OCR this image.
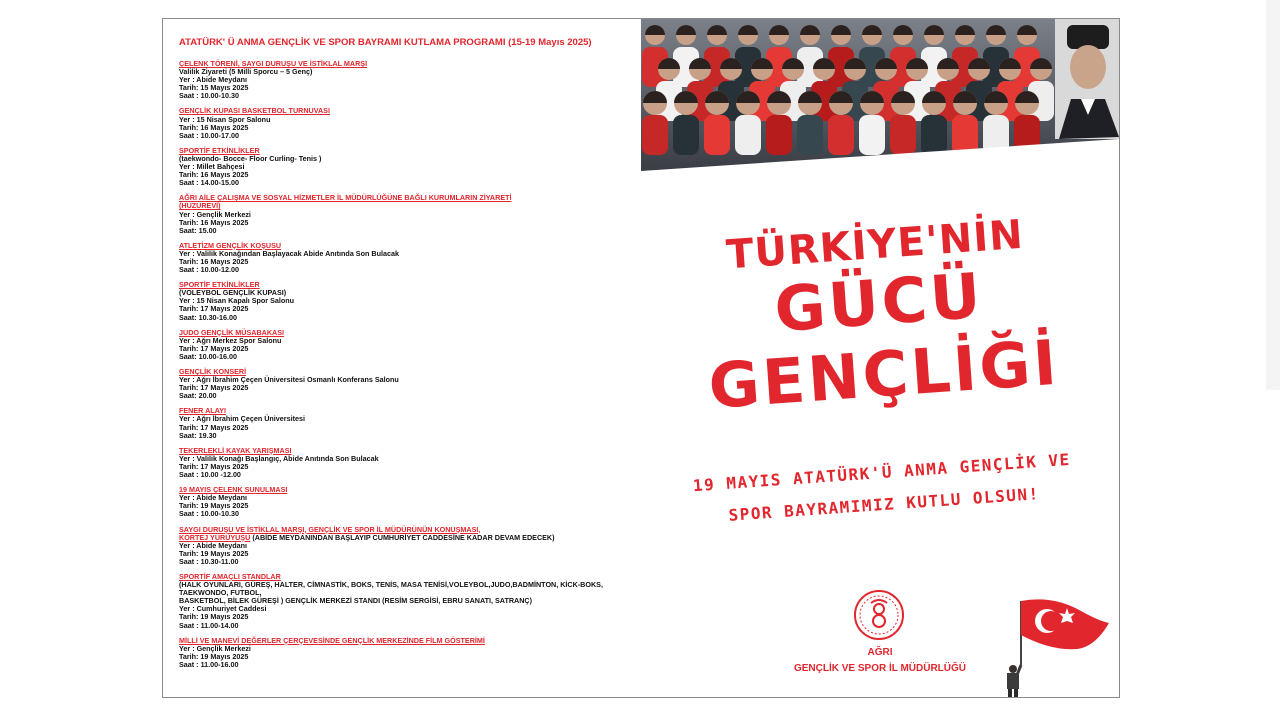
ATATÜRK' Ü ANMA GENÇLİK VE SPOR BAYRAMI KUTLAMA PROGRAMI (15-19 Mayıs 2025)
ÇELENK TÖRENİ, SAYGI DURUŞU VE İSTİKLAL MARŞI
Valilik Ziyareti (5 Milli Sporcu – 5 Genç)
Yer : Abide Meydanı
Tarih: 15 Mayıs 2025
Saat : 10.00-10.30
GENÇLİK KUPASI BASKETBOL TURNUVASI
Yer : 15 Nisan Spor Salonu
Tarih: 16 Mayıs 2025
Saat : 10.00-17.00
SPORTİF ETKİNLİKLER
(taekwondo- Bocce- Floor Curling- Tenis )
Yer : Millet Bahçesi
Tarih: 16 Mayıs 2025
Saat : 14.00-15.00
AĞRI AİLE ÇALIŞMA VE SOSYAL HİZMETLER İL MÜDÜRLÜĞÜNE BAĞLI KURUMLARIN ZİYARETİ
(HUZUREVİ)
Yer : Gençlik Merkezi
Tarih: 16 Mayıs 2025
Saat: 15.00
ATLETİZM GENÇLİK KOŞUSU
Yer : Valilik Konağından Başlayacak Abide Anıtında Son Bulacak
Tarih: 16 Mayıs 2025
Saat : 10.00-12.00
SPORTİF ETKİNLİKLER
(VOLEYBOL GENÇLİK KUPASI)
Yer : 15 Nisan Kapalı Spor Salonu
Tarih: 17 Mayıs 2025
Saat: 10.30-16.00
JUDO GENÇLİK MÜSABAKASI
Yer : Ağrı Merkez Spor Salonu
Tarih: 17 Mayıs 2025
Saat: 10.00-16.00
GENÇLİK KONSERİ
Yer : Ağrı İbrahim Çeçen Üniversitesi Osmanlı Konferans Salonu
Tarih: 17 Mayıs 2025
Saat: 20.00
FENER ALAYI
Yer : Ağrı İbrahim Çeçen Üniversitesi
Tarih: 17 Mayıs 2025
Saat: 19.30
TEKERLEKLİ KAYAK YARIŞMASI
Yer : Valilik Konağı Başlangıç, Abide Anıtında Son Bulacak
Tarih: 17 Mayıs 2025
Saat : 10.00 -12.00
19 MAYIS ÇELENK SUNULMASI
Yer : Abide Meydanı
Tarih: 19 Mayıs 2025
Saat : 10.00-10.30
SAYGI DURUŞU VE İSTİKLAL MARŞI, GENÇLİK VE SPOR İL MÜDÜRÜNÜN KONUŞMASI,
KORTEJ YÜRÜYÜŞÜ (ABİDE MEYDANINDAN BAŞLAYIP CUMHURİYET CADDESİNE KADAR DEVAM EDECEK)
Yer : Abide Meydanı
Tarih: 19 Mayıs 2025
Saat : 10.30-11.00
SPORTİF AMAÇLI STANDLAR
(HALK OYUNLARI, GÜREŞ, HALTER, CİMNASTİK, BOKS, TENİS, MASA TENİSİ,VOLEYBOL,JUDO,BADMİNTON, KİCK-BOKS,
TAEKWONDO, FUTBOL,
BASKETBOL, BİLEK GÜREŞİ ) GENÇLİK MERKEZİ STANDI (RESİM SERGİSİ, EBRU SANATI, SATRANÇ)
Yer : Cumhuriyet Caddesi
Tarih: 19 Mayıs 2025
Saat : 11.00-14.00
MİLLİ VE MANEVİ DEĞERLER ÇERÇEVESİNDE GENÇLİK MERKEZİNDE FİLM GÖSTERİMİ
Yer : Gençlik Merkezi
Tarih: 19 Mayıs 2025
Saat : 11.00-16.00
TÜRKİYE'NİN
GÜCÜ
GENÇLİĞİ
19 MAYIS ATATÜRK'Ü ANMA GENÇLİK VE
SPOR BAYRAMIMIZ KUTLU OLSUN!
AĞRI
GENÇLİK VE SPOR İL MÜDÜRLÜĞÜ
